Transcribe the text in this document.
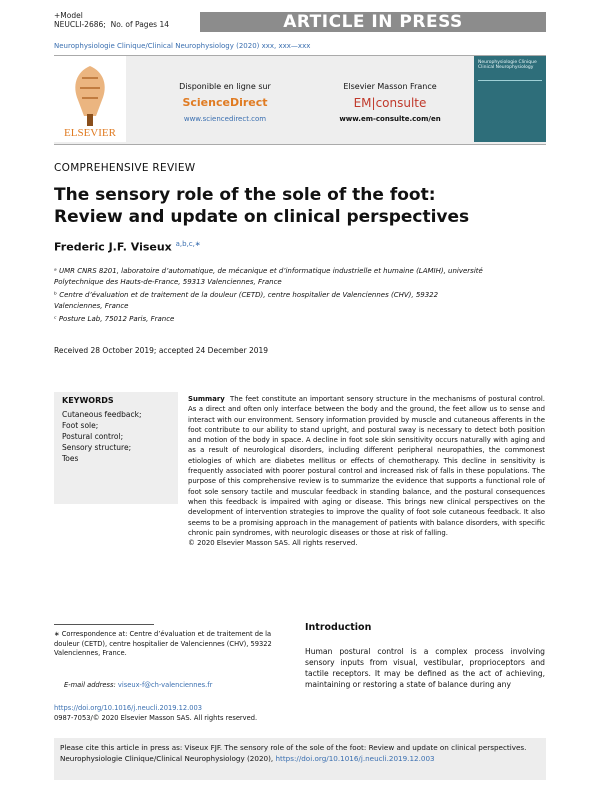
+Model
NEUCLI-2686; No. of Pages 14	ARTICLE IN PRESS
Neurophysiologie Clinique/Clinical Neurophysiology (2020) xxx, xxx—xxx
ELSEVIER
Disponible en ligne sur
ScienceDirect
www.sciencedirect.com
Elsevier Masson France
EM|consulte
www.em-consulte.com/en
Neurophysiologie Clinique Clinical Neurophysiology
COMPREHENSIVE REVIEW
The sensory role of the sole of the foot:
Review and update on clinical perspectives
Frederic J.F. Viseux $^{a,b,c,∗}$
ᵃ UMR CNRS 8201, laboratoire d’automatique, de mécanique et d’informatique industrielle et humaine (LAMIH), université Polytechnique des Hauts-de-France, 59313 Valenciennes, France
ᵇ Centre d’évaluation et de traitement de la douleur (CETD), centre hospitalier de Valenciennes (CHV), 59322 Valenciennes, France
ᶜ Posture Lab, 75012 Paris, France
Received 28 October 2019; accepted 24 December 2019
KEYWORDS
Cutaneous feedback;
Foot sole;
Postural control;
Sensory structure;
Toes
Summary The feet constitute an important sensory structure in the mechanisms of postural control. As a direct and often only interface between the body and the ground, the feet allow us to sense and interact with our environment. Sensory information provided by muscle and cutaneous afferents in the foot contribute to our ability to stand upright, and postural sway is necessary to detect both position and motion of the body in space. A decline in foot sole skin sensitivity occurs naturally with aging and as a result of neurological disorders, including different peripheral neuropathies, the commonest etiologies of which are diabetes mellitus or effects of chemotherapy. This decline in sensitivity is frequently associated with poorer postural control and increased risk of falls in these populations. The purpose of this comprehensive review is to summarize the evidence that supports a functional role of foot sole sensory tactile and muscular feedback in standing balance, and the postural consequences when this feedback is impaired with aging or disease. This brings new clinical perspectives on the development of intervention strategies to improve the quality of foot sole cutaneous feedback. It also seems to be a promising approach in the management of patients with balance disorders, with specific chronic pain syndromes, with neurologic diseases or those at risk of falling.
© 2020 Elsevier Masson SAS. All rights reserved.
∗ Correspondence at: Centre d’évaluation et de traitement de la douleur (CETD), centre hospitalier de Valenciennes (CHV), 59322 Valenciennes, France.
E-mail address: viseux-f@ch-valenciennes.fr
https://doi.org/10.1016/j.neucli.2019.12.003
0987-7053/© 2020 Elsevier Masson SAS. All rights reserved.
Introduction
Human postural control is a complex process involving sensory inputs from visual, vestibular, proprioceptors and tactile receptors. It may be defined as the act of achieving, maintaining or restoring a state of balance during any
Please cite this article in press as: Viseux FJF. The sensory role of the sole of the foot: Review and update on clinical perspectives. Neurophysiologie Clinique/Clinical Neurophysiology (2020), https://doi.org/10.1016/j.neucli.2019.12.003
